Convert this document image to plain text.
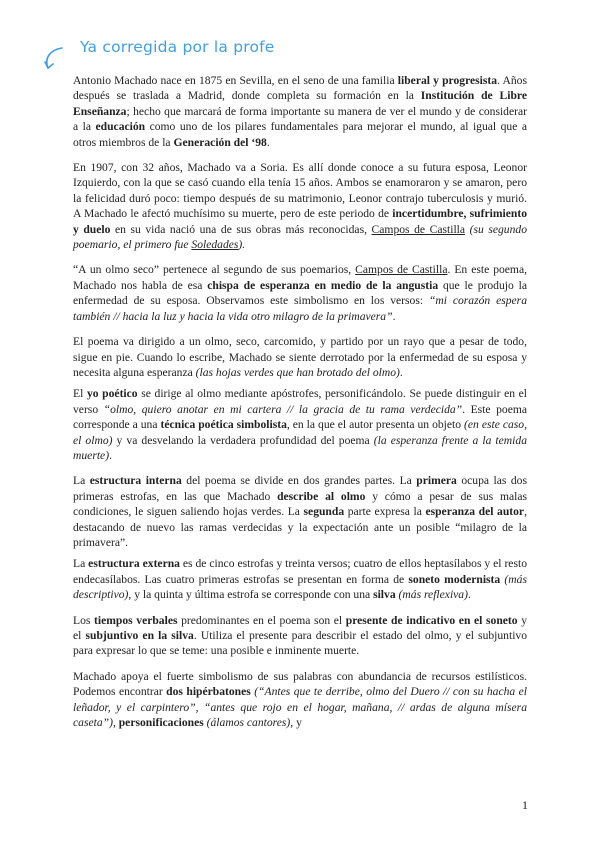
Ya corregida por la profe

Antonio Machado nace en 1875 en Sevilla, en el seno de una familia liberal y progresista. Años después se traslada a Madrid, donde completa su formación en la Institución de Libre Enseñanza; hecho que marcará de forma importante su manera de ver el mundo y de considerar a la educación como uno de los pilares fundamentales para mejorar el mundo, al igual que a otros miembros de la Generación del ‘98.

En 1907, con 32 años, Machado va a Soria. Es allí donde conoce a su futura esposa, Leonor Izquierdo, con la que se casó cuando ella tenía 15 años. Ambos se enamoraron y se amaron, pero la felicidad duró poco: tiempo después de su matrimonio, Leonor contrajo tuberculosis y murió. A Machado le afectó muchísimo su muerte, pero de este periodo de incertidumbre, sufrimiento y duelo en su vida nació una de sus obras más reconocidas, Campos de Castilla (su segundo poemario, el primero fue Soledades).

“A un olmo seco” pertenece al segundo de sus poemarios, Campos de Castilla. En este poema, Machado nos habla de esa chispa de esperanza en medio de la angustia que le produjo la enfermedad de su esposa. Observamos este simbolismo en los versos: “mi corazón espera también // hacia la luz y hacia la vida otro milagro de la primavera”.

El poema va dirigido a un olmo, seco, carcomido, y partido por un rayo que a pesar de todo, sigue en pie. Cuando lo escribe, Machado se siente derrotado por la enfermedad de su esposa y necesita alguna esperanza (las hojas verdes que han brotado del olmo).

El yo poético se dirige al olmo mediante apóstrofes, personificándolo. Se puede distinguir en el verso “olmo, quiero anotar en mi cartera // la gracia de tu rama verdecida”. Este poema corresponde a una técnica poética simbolista, en la que el autor presenta un objeto (en este caso, el olmo) y va desvelando la verdadera profundidad del poema (la esperanza frente a la temida muerte).

La estructura interna del poema se divide en dos grandes partes. La primera ocupa las dos primeras estrofas, en las que Machado describe al olmo y cómo a pesar de sus malas condiciones, le siguen saliendo hojas verdes. La segunda parte expresa la esperanza del autor, destacando de nuevo las ramas verdecidas y la expectación ante un posible “milagro de la primavera”.

La estructura externa es de cinco estrofas y treinta versos; cuatro de ellos heptasílabos y el resto endecasílabos. Las cuatro primeras estrofas se presentan en forma de soneto modernista (más descriptivo), y la quinta y última estrofa se corresponde con una silva (más reflexiva).

Los tiempos verbales predominantes en el poema son el presente de indicativo en el soneto y el subjuntivo en la silva. Utiliza el presente para describir el estado del olmo, y el subjuntivo para expresar lo que se teme: una posible e inminente muerte.

Machado apoya el fuerte simbolismo de sus palabras con abundancia de recursos estilísticos. Podemos encontrar dos hipérbatones (“Antes que te derribe, olmo del Duero // con su hacha el leñador, y el carpintero”, “antes que rojo en el hogar, mañana, // ardas de alguna mísera caseta”), personificaciones (álamos cantores), y

1
